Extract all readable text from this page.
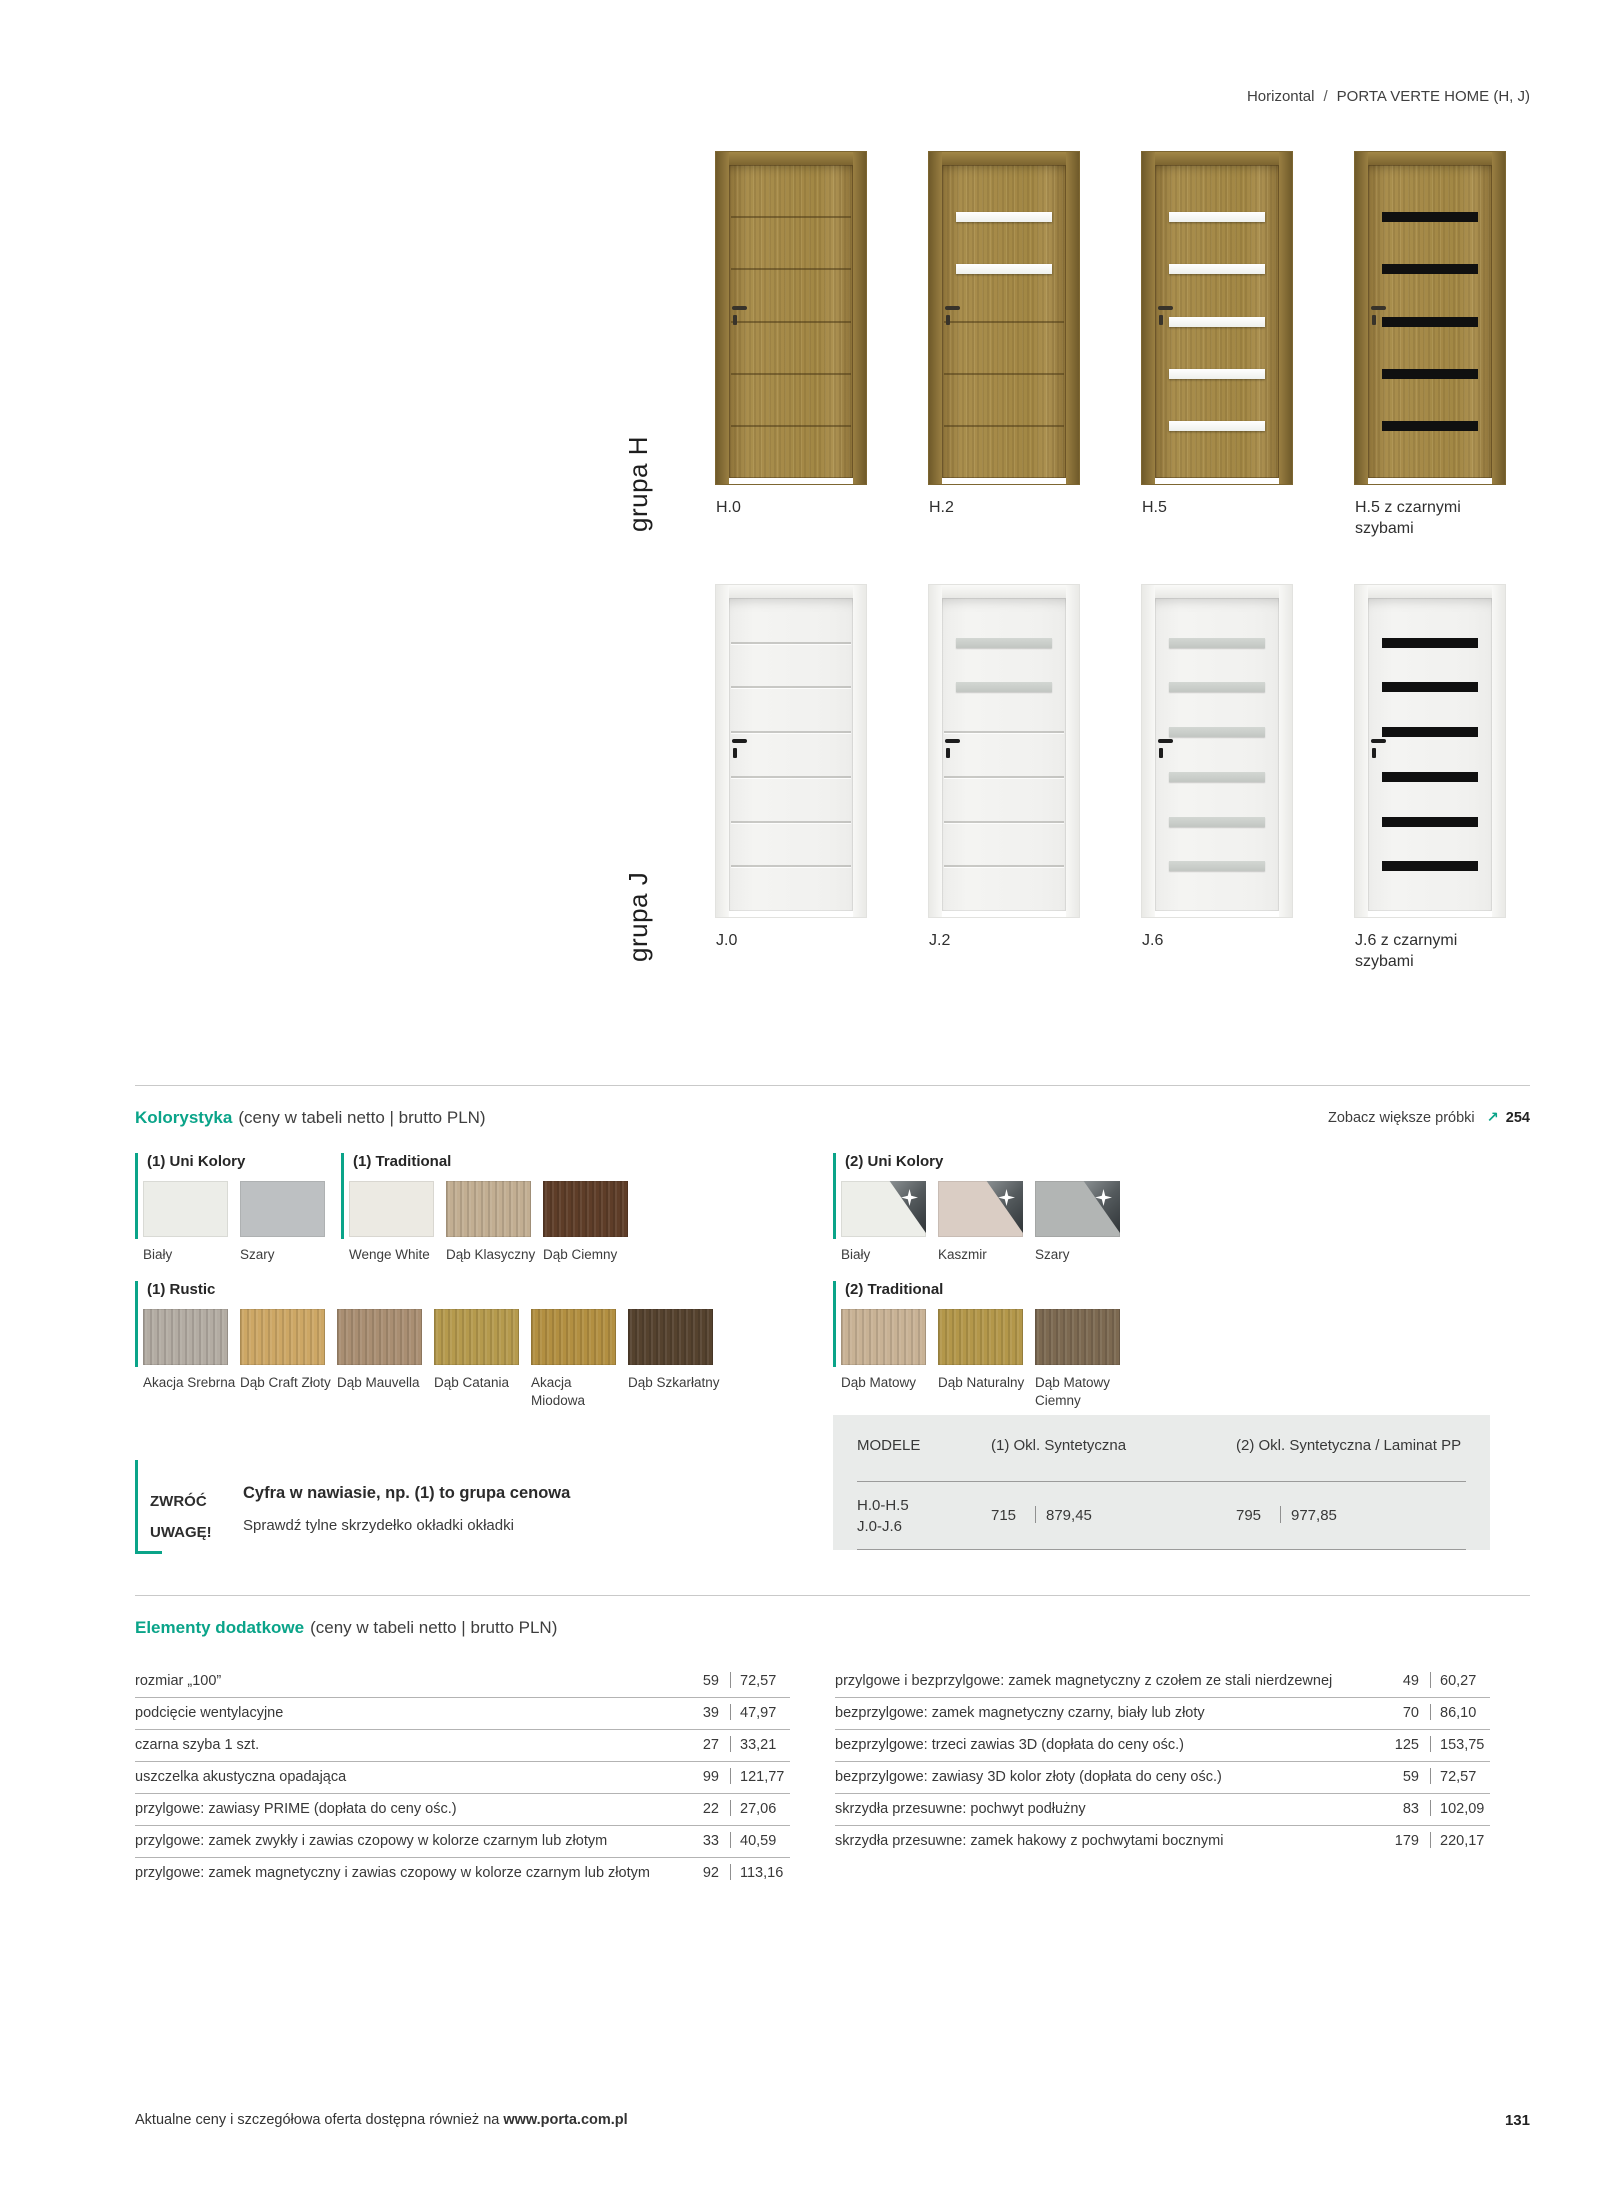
Horizontal / PORTA VERTE HOME (H, J)
grupa H	H.0	H.2	H.5	H.5 z czarnymi szybami
grupa J	J.0	J.2	J.6	J.6 z czarnymi szybami
Kolorystyka (ceny w tabeli netto | brutto PLN)	Zobacz większe próbki ↗ 254
(1) Uni Kolory
Biały	Szary
(1) Traditional
Wenge White	Dąb Klasyczny Dąb Ciemny
(2) Uni Kolory
Biały	Kaszmir	Szary
(1) Rustic
Akacja Srebrna Dąb Craft Złoty Dąb Mauvella	Dąb Catania	Akacja Miodowa
Dąb Szkarłatny
(2) Traditional
Dąb Matowy	Dąb Naturalny Dąb Matowy Ciemny
ZWRÓĆ
UWAGĘ!
Cyfra w nawiasie, np. (1) to grupa cenowa
Sprawdź tylne skrzydełko okładki okładki
MODELE	(1) Okl. Syntetyczna	(2) Okl. Syntetyczna / Laminat PP
H.0-H.5
J.0-J.6
715 879,45	795 977,85
Elementy dodatkowe (ceny w tabeli netto | brutto PLN)
rozmiar „100”	59 72,57
podcięcie wentylacyjne	39 47,97
czarna szyba 1 szt.	27 33,21
uszczelka akustyczna opadająca	99 121,77
przylgowe: zawiasy PRIME (dopłata do ceny ośc.)	22 27,06
przylgowe: zamek zwykły i zawias czopowy w kolorze czarnym lub złotym	33 40,59
przylgowe: zamek magnetyczny i zawias czopowy w kolorze czarnym lub złotym	92 113,16
przylgowe i bezprzylgowe: zamek magnetyczny z czołem ze stali nierdzewnej	49 60,27
bezprzylgowe: zamek magnetyczny czarny, biały lub złoty	70 86,10
bezprzylgowe: trzeci zawias 3D (dopłata do ceny ośc.)	125 153,75
bezprzylgowe: zawiasy 3D kolor złoty (dopłata do ceny ośc.)	59 72,57
skrzydła przesuwne: pochwyt podłużny	83 102,09
skrzydła przesuwne: zamek hakowy z pochwytami bocznymi	179 220,17
Aktualne ceny i szczegółowa oferta dostępna również na www.porta.com.pl	131
